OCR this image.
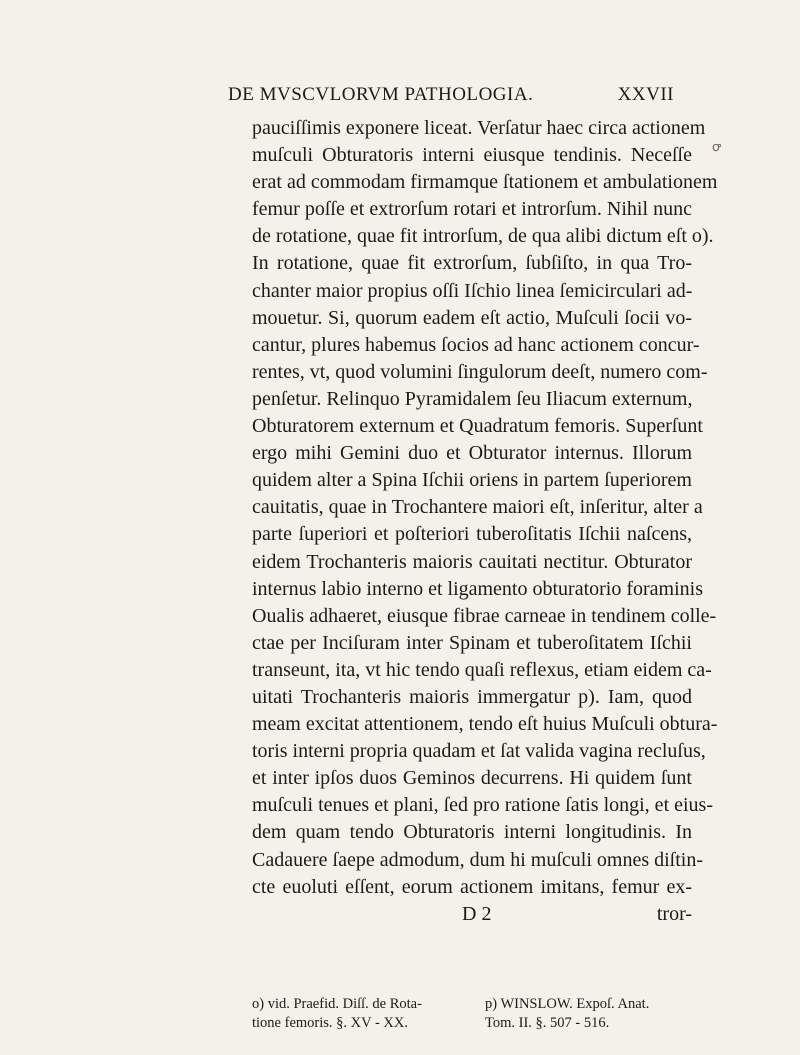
DE MVSCVLORVM PATHOLOGIA.	XXVII
ꝍ
pauciſſimis exponere liceat. Verſatur haec circa actionem
muſculi Obturatoris interni eiusque tendinis. Neceſſe
erat ad commodam firmamque ſtationem et ambulationem
femur poſſe et extrorſum rotari et introrſum. Nihil nunc
de rotatione, quae fit introrſum, de qua alibi dictum eſt o).
In rotatione, quae fit extrorſum, ſubſiſto, in qua Tro-
chanter maior propius oſſi Iſchio linea ſemicirculari ad-
mouetur. Si, quorum eadem eſt actio, Muſculi ſocii vo-
cantur, plures habemus ſocios ad hanc actionem concur-
rentes, vt, quod volumini ſingulorum deeſt, numero com-
penſetur. Relinquo Pyramidalem ſeu Iliacum externum,
Obturatorem externum et Quadratum femoris. Superſunt
ergo mihi Gemini duo et Obturator internus. Illorum
quidem alter a Spina Iſchii oriens in partem ſuperiorem
cauitatis, quae in Trochantere maiori eſt, inſeritur, alter a
parte ſuperiori et poſteriori tuberoſitatis Iſchii naſcens,
eidem Trochanteris maioris cauitati nectitur. Obturator
internus labio interno et ligamento obturatorio foraminis
Oualis adhaeret, eiusque fibrae carneae in tendinem colle-
ctae per Inciſuram inter Spinam et tuberoſitatem Iſchii
transeunt, ita, vt hic tendo quaſi reflexus, etiam eidem ca-
uitati Trochanteris maioris immergatur p). Iam, quod
meam excitat attentionem, tendo eſt huius Muſculi obtura-
toris interni propria quadam et ſat valida vagina recluſus,
et inter ipſos duos Geminos decurrens. Hi quidem ſunt
muſculi tenues et plani, ſed pro ratione ſatis longi, et eius-
dem quam tendo Obturatoris interni longitudinis. In
Cadauere ſaepe admodum, dum hi muſculi omnes diſtin-
cte euoluti eſſent, eorum actionem imitans, femur ex-
D 2	tror-
o) vid. Praefid. Diſſ. de Rota-	p) WINSLOW. Expoſ. Anat.
tione femoris. §. XV - XX.	Tom. II. §. 507 - 516.
